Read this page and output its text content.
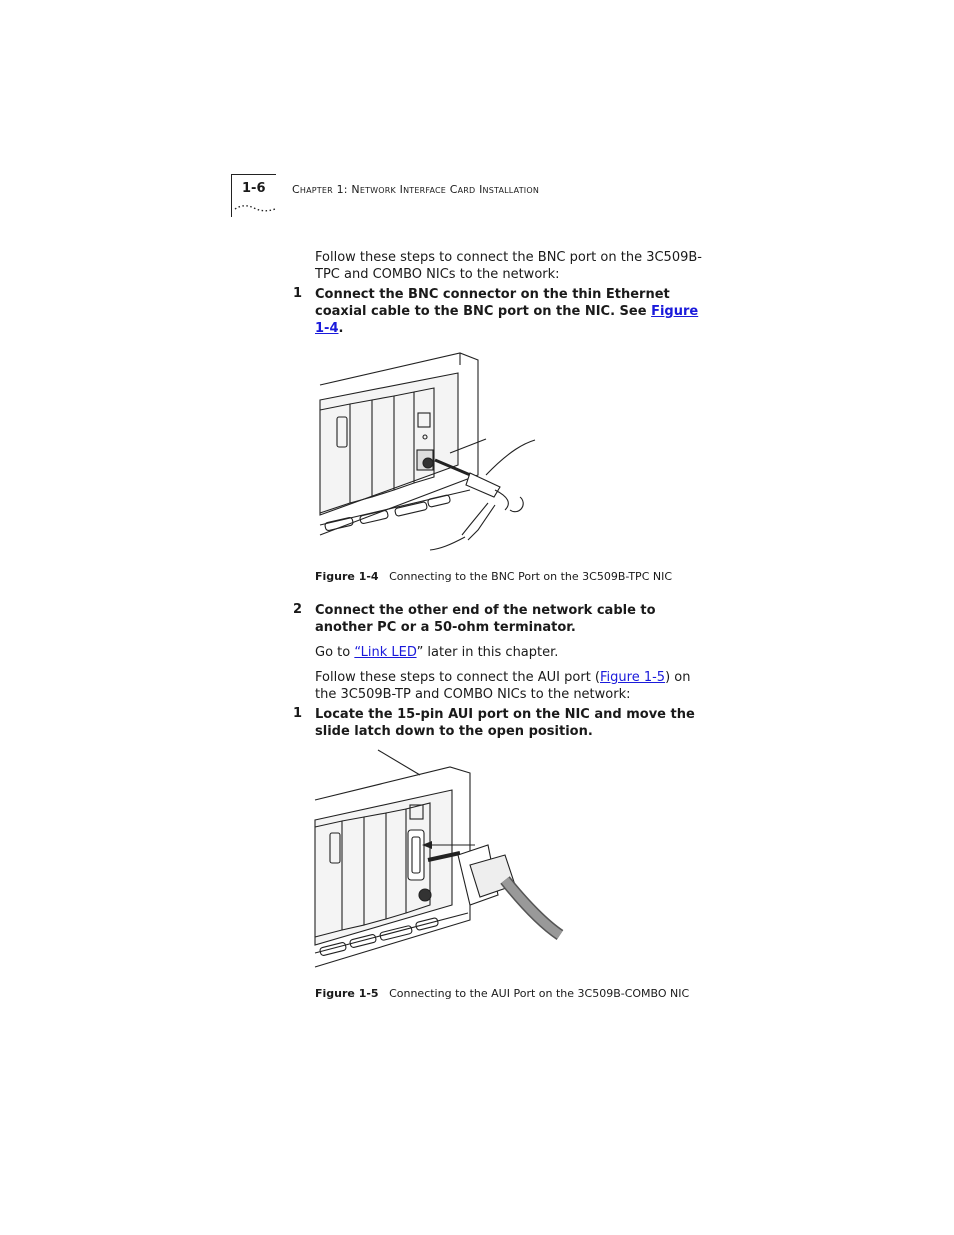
1-6 Chapter 1: Network Interface Card Installation
Follow these steps to connect the BNC port on the 3C509B-TPC and COMBO NICs to the network:
1 Connect the BNC connector on the thin Ethernet coaxial cable to the BNC port on the NIC. See Figure 1-4.
Figure 1-4 Connecting to the BNC Port on the 3C509B-TPC NIC
2 Connect the other end of the network cable to another PC or a 50-ohm terminator.
Go to “Link LED” later in this chapter.
Follow these steps to connect the AUI port (Figure 1-5) on the 3C509B-TP and COMBO NICs to the network:
1 Locate the 15-pin AUI port on the NIC and move the slide latch down to the open position.
Figure 1-5 Connecting to the AUI Port on the 3C509B-COMBO NIC
